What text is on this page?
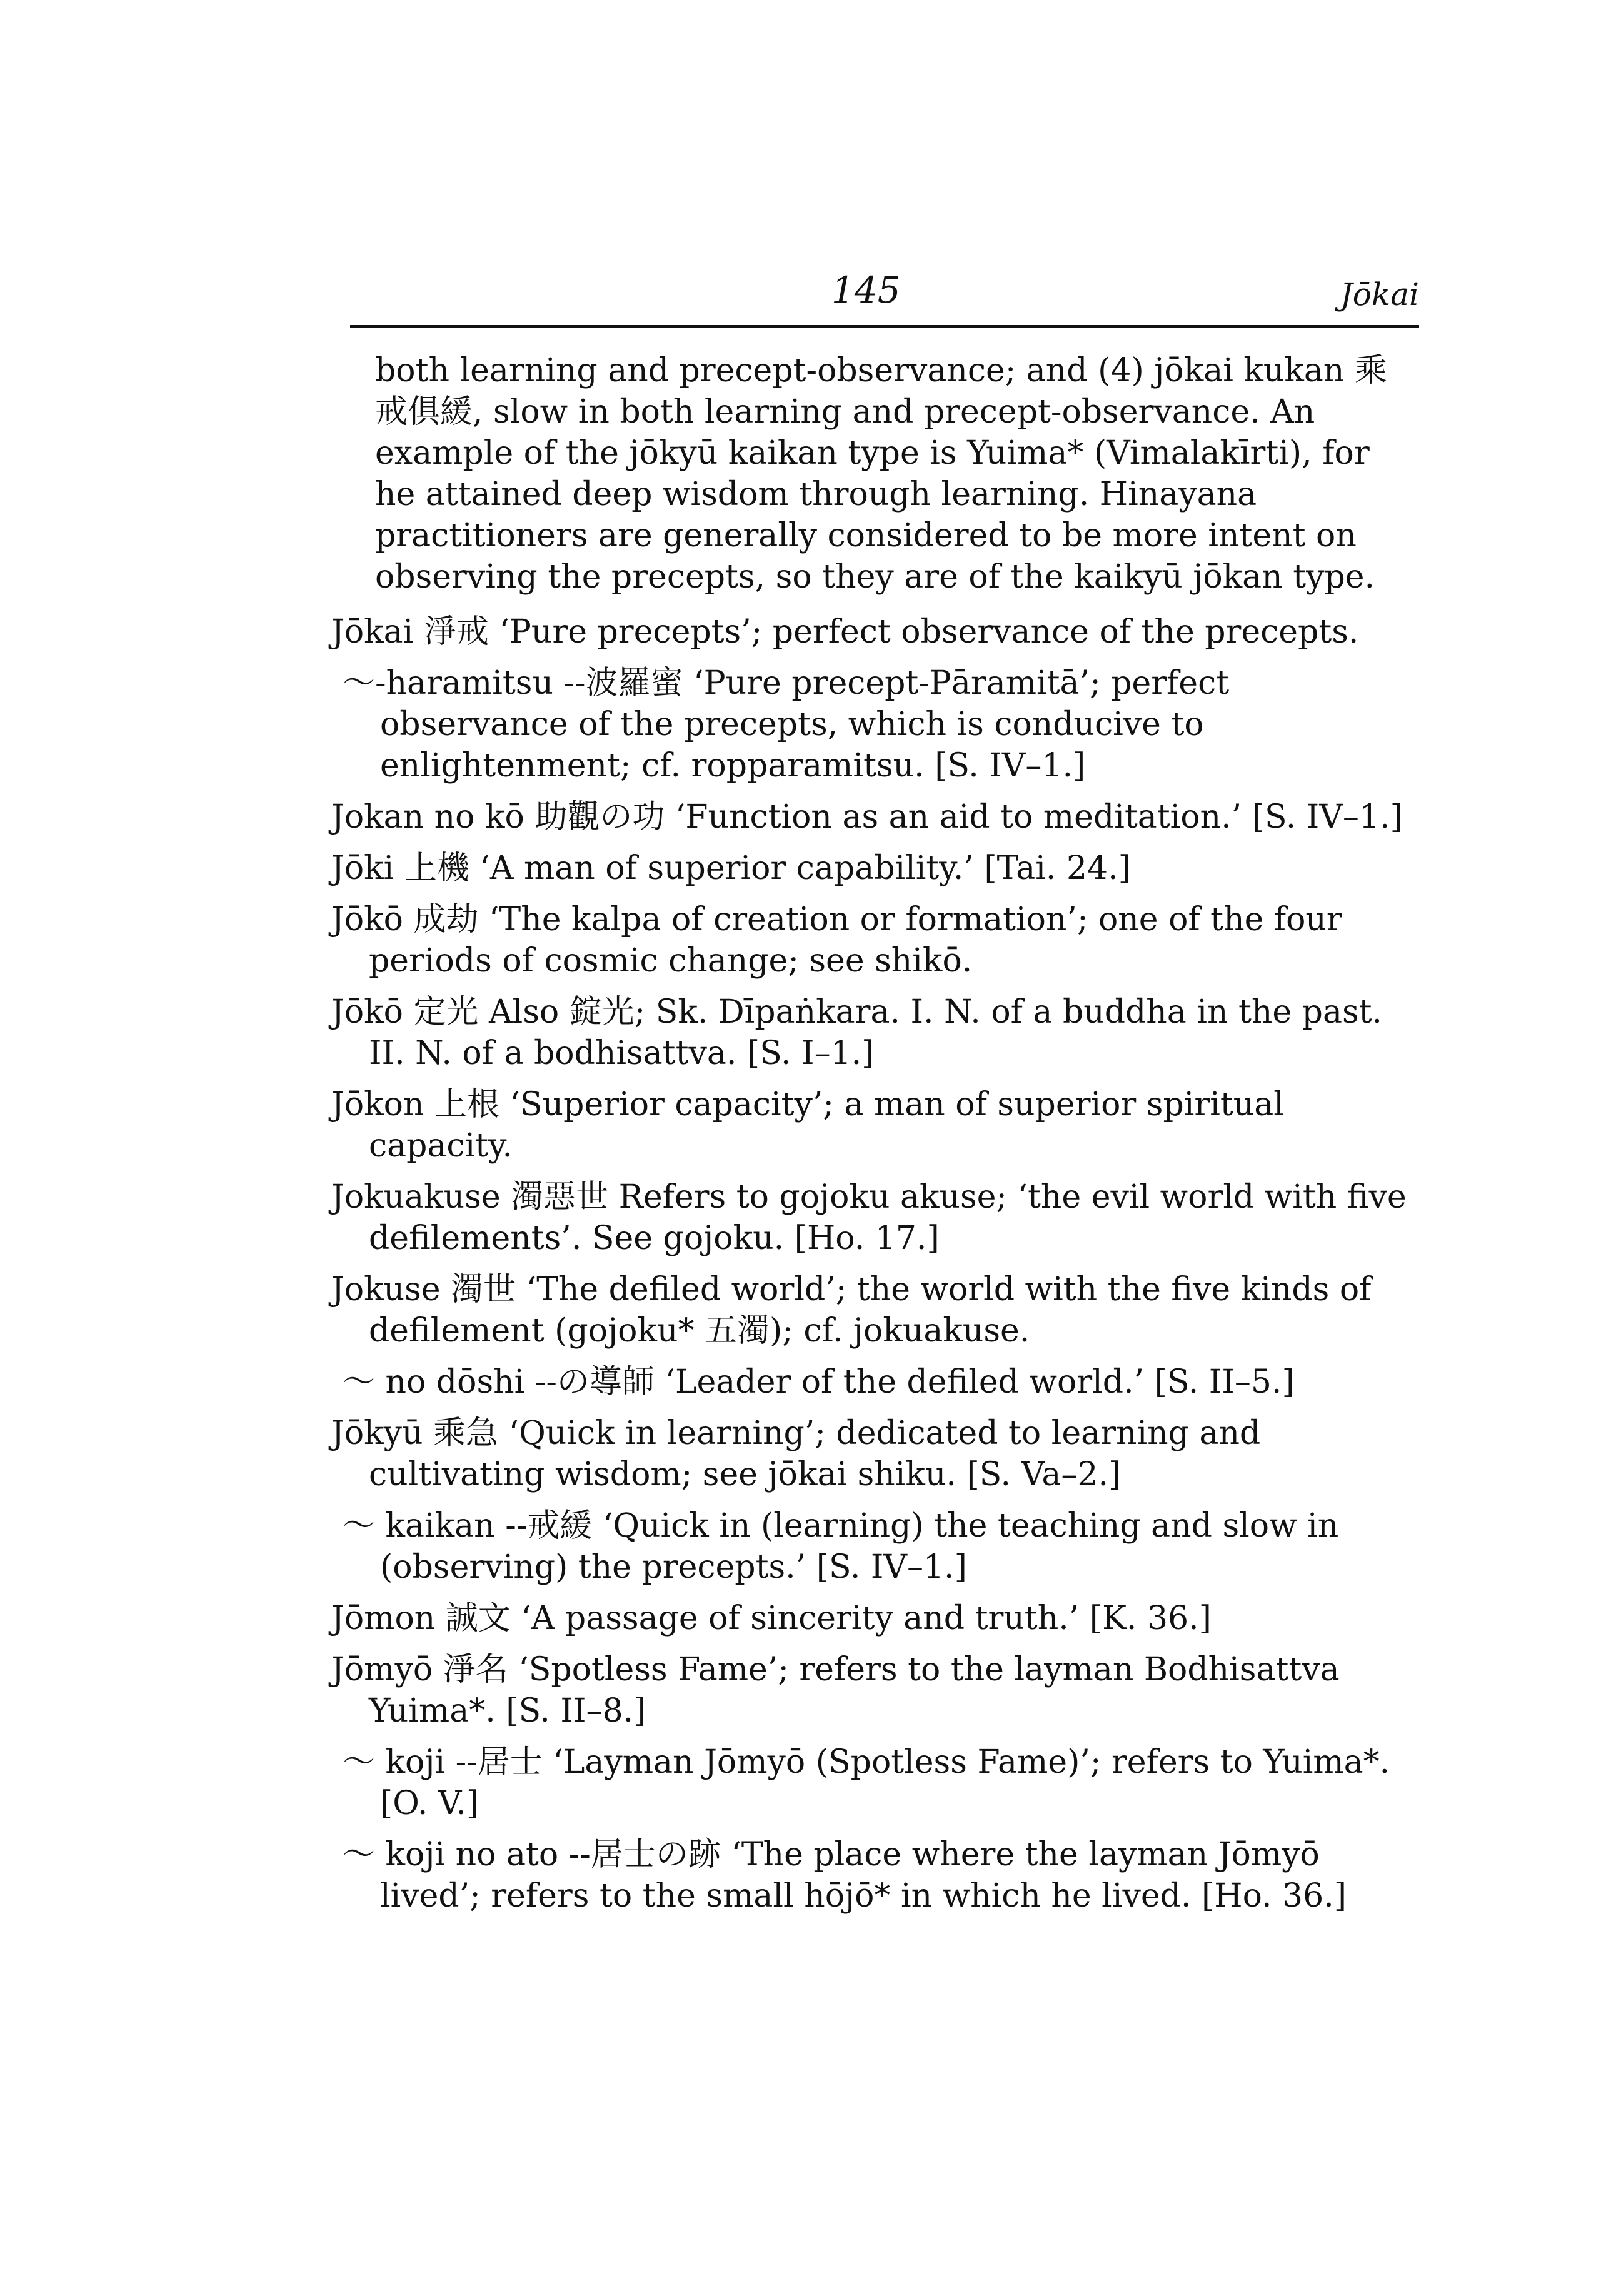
145	Jōkai
both learning and precept-observance; and (4) jōkai kukan 乘戒俱緩, slow in both learning and precept-observance. An example of the jōkyū kaikan type is Yuima* (Vimalakīrti), for he attained deep wisdom through learning. Hinayana practitioners are generally considered to be more intent on observing the precepts, so they are of the kaikyū jōkan type.
Jōkai 淨戒 ‘Pure precepts’; perfect observance of the precepts.
～-haramitsu --波羅蜜 ‘Pure precept-Pāramitā’; perfect observance of the precepts, which is conducive to enlightenment; cf. ropparamitsu. [S. IV–1.]
Jokan no kō 助觀の功 ‘Function as an aid to meditation.’ [S. IV–1.]
Jōki 上機 ‘A man of superior capability.’ [Tai. 24.]
Jōkō 成劫 ‘The kalpa of creation or formation’; one of the four periods of cosmic change; see shikō.
Jōkō 定光 Also 錠光; Sk. Dīpaṅkara. I. N. of a buddha in the past. II. N. of a bodhisattva. [S. I–1.]
Jōkon 上根 ‘Superior capacity’; a man of superior spiritual capacity.
Jokuakuse 濁惡世 Refers to gojoku akuse; ‘the evil world with five defilements’. See gojoku. [Ho. 17.]
Jokuse 濁世 ‘The defiled world’; the world with the five kinds of defilement (gojoku* 五濁); cf. jokuakuse.
～ no dōshi --の導師 ‘Leader of the defiled world.’ [S. II–5.]
Jōkyū 乘急 ‘Quick in learning’; dedicated to learning and cultivating wisdom; see jōkai shiku. [S. Va–2.]
～ kaikan --戒緩 ‘Quick in (learning) the teaching and slow in (observing) the precepts.’ [S. IV–1.]
Jōmon 誠文 ‘A passage of sincerity and truth.’ [K. 36.]
Jōmyō 淨名 ‘Spotless Fame’; refers to the layman Bodhisattva Yuima*. [S. II–8.]
～ koji --居士 ‘Layman Jōmyō (Spotless Fame)’; refers to Yuima*. [O. V.]
～ koji no ato --居士の跡 ‘The place where the layman Jōmyō lived’; refers to the small hōjō* in which he lived. [Ho. 36.]
